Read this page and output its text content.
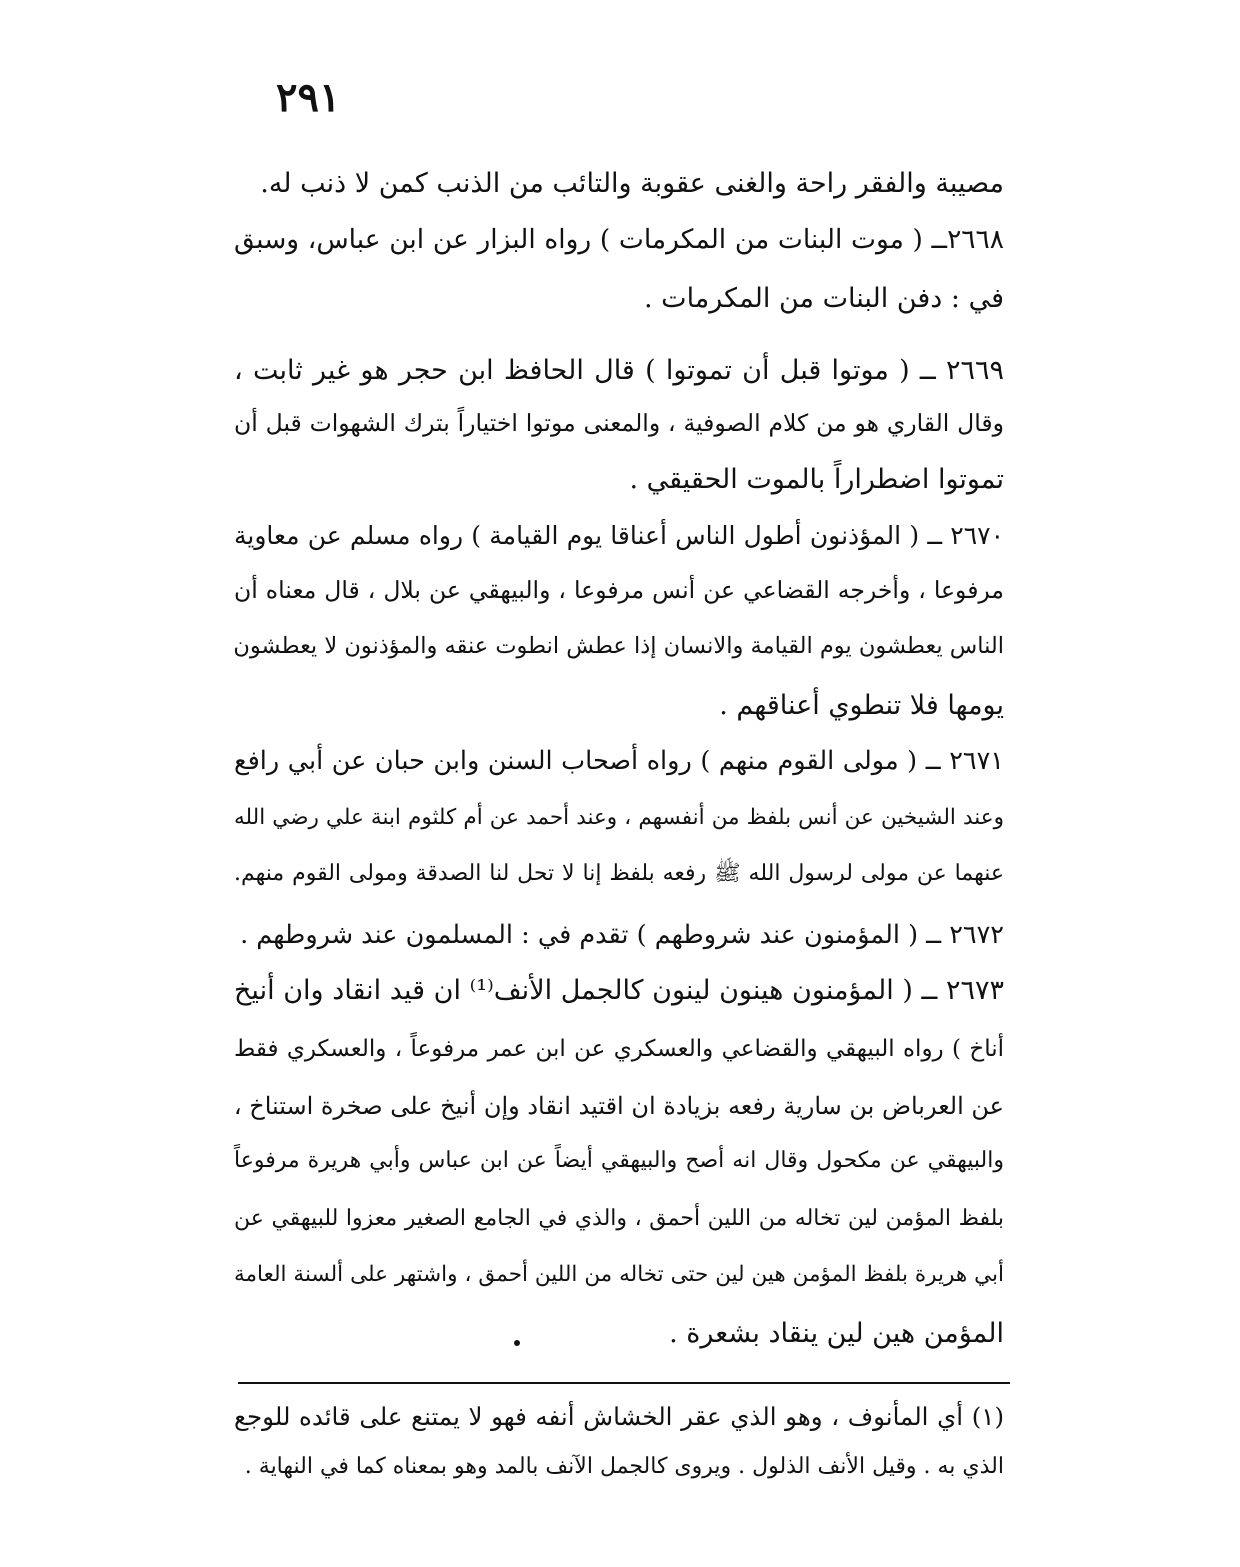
٢٩١
مصيبة والفقر راحة والغنى عقوبة والتائب من الذنب كمن لا ذنب له.
٢٦٦٨ــ ( موت البنات من المكرمات ) رواه البزار عن ابن عباس، وسبق
في : دفن البنات من المكرمات .
٢٦٦٩ ــ ( موتوا قبل أن تموتوا ) قال الحافظ ابن حجر هو غير ثابت ،
وقال القاري هو من كلام الصوفية ، والمعنى موتوا اختياراً بترك الشهوات قبل أن
تموتوا اضطراراً بالموت الحقيقي .
٢٦٧٠ ــ ( المؤذنون أطول الناس أعناقا يوم القيامة ) رواه مسلم عن معاوية
مرفوعا ، وأخرجه القضاعي عن أنس مرفوعا ، والبيهقي عن بلال ، قال معناه أن
الناس يعطشون يوم القيامة والانسان إذا عطش انطوت عنقه والمؤذنون لا يعطشون
يومها فلا تنطوي أعناقهم .
٢٦٧١ ــ ( مولى القوم منهم ) رواه أصحاب السنن وابن حبان عن أبي رافع
وعند الشيخين عن أنس بلفظ من أنفسهم ، وعند أحمد عن أم كلثوم ابنة علي رضي الله
عنهما عن مولى لرسول الله ﷺ رفعه بلفظ إنا لا تحل لنا الصدقة ومولى القوم منهم.
٢٦٧٢ ــ ( المؤمنون عند شروطهم ) تقدم في : المسلمون عند شروطهم .
٢٦٧٣ ــ ( المؤمنون هينون لينون كالجمل الأنف⁽¹⁾ ان قيد انقاد وان أنيخ
أناخ ) رواه البيهقي والقضاعي والعسكري عن ابن عمر مرفوعاً ، والعسكري فقط
عن العرباض بن سارية رفعه بزيادة ان اقتيد انقاد وإن أنيخ على صخرة استناخ ،
والبيهقي عن مكحول وقال انه أصح والبيهقي أيضاً عن ابن عباس وأبي هريرة مرفوعاً
بلفظ المؤمن لين تخاله من اللين أحمق ، والذي في الجامع الصغير معزوا للبيهقي عن
أبي هريرة بلفظ المؤمن هين لين حتى تخاله من اللين أحمق ، واشتهر على ألسنة العامة
المؤمن هين لين ينقاد بشعرة .
(١) أي المأنوف ، وهو الذي عقر الخشاش أنفه فهو لا يمتنع على قائده للوجع
الذي به . وقيل الأنف الذلول . ويروى كالجمل الآنف بالمد وهو بمعناه كما في النهاية .
